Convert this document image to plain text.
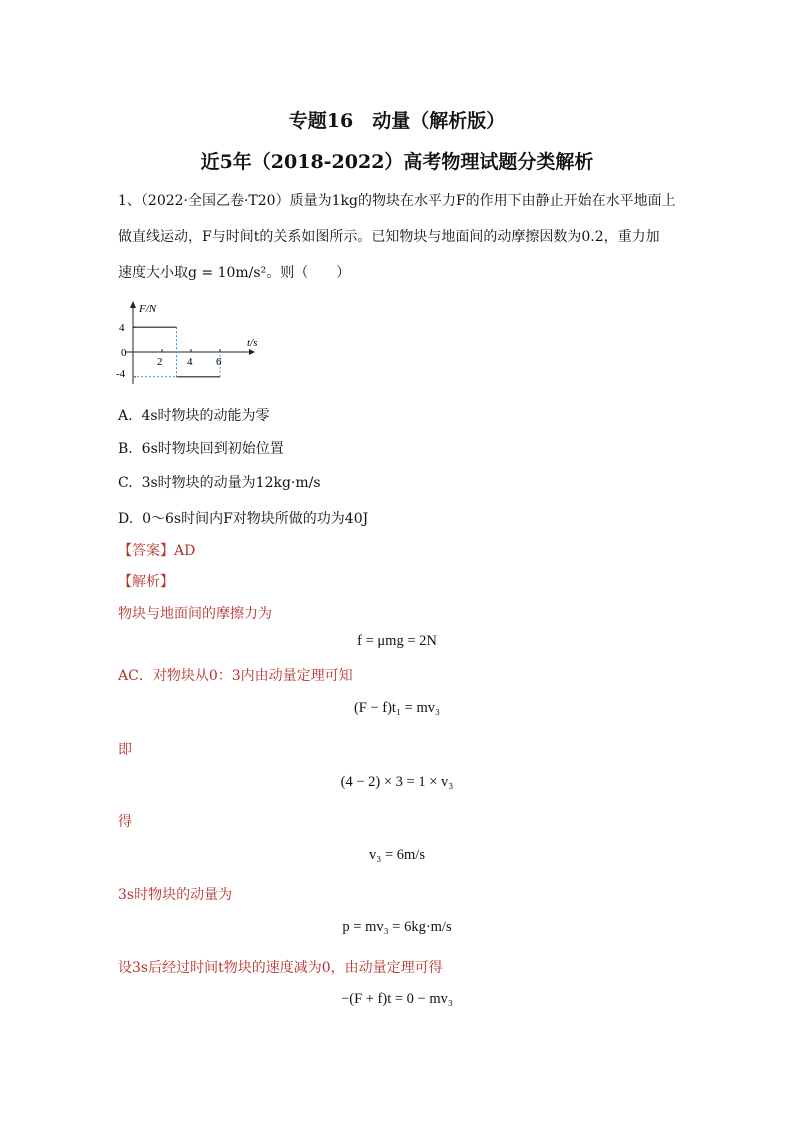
专题16　动量（解析版）
近5年（2018-2022）高考物理试题分类解析
1、（2022·全国乙卷·T20）质量为1kg的物块在水平力F的作用下由静止开始在水平地面上
做直线运动，F与时间t的关系如图所示。已知物块与地面间的动摩擦因数为0.2，重力加
速度大小取g = 10m/s²。则（　　）
F/N
t/s
4
0
-4
2 4 6
A. 4s时物块的动能为零
B. 6s时物块回到初始位置
C. 3s时物块的动量为12kg·m/s
D. 0～6s时间内F对物块所做的功为40J
【答案】AD
【解析】
物块与地面间的摩擦力为
f = μmg = 2N
AC．对物块从0：3内由动量定理可知
(F − f)t₁ = mv₃
即
(4 − 2) × 3 = 1 × v₃
得
v₃ = 6m/s
3s时物块的动量为
p = mv₃ = 6kg·m/s
设3s后经过时间t物块的速度减为0，由动量定理可得
−(F + f)t = 0 − mv₃
